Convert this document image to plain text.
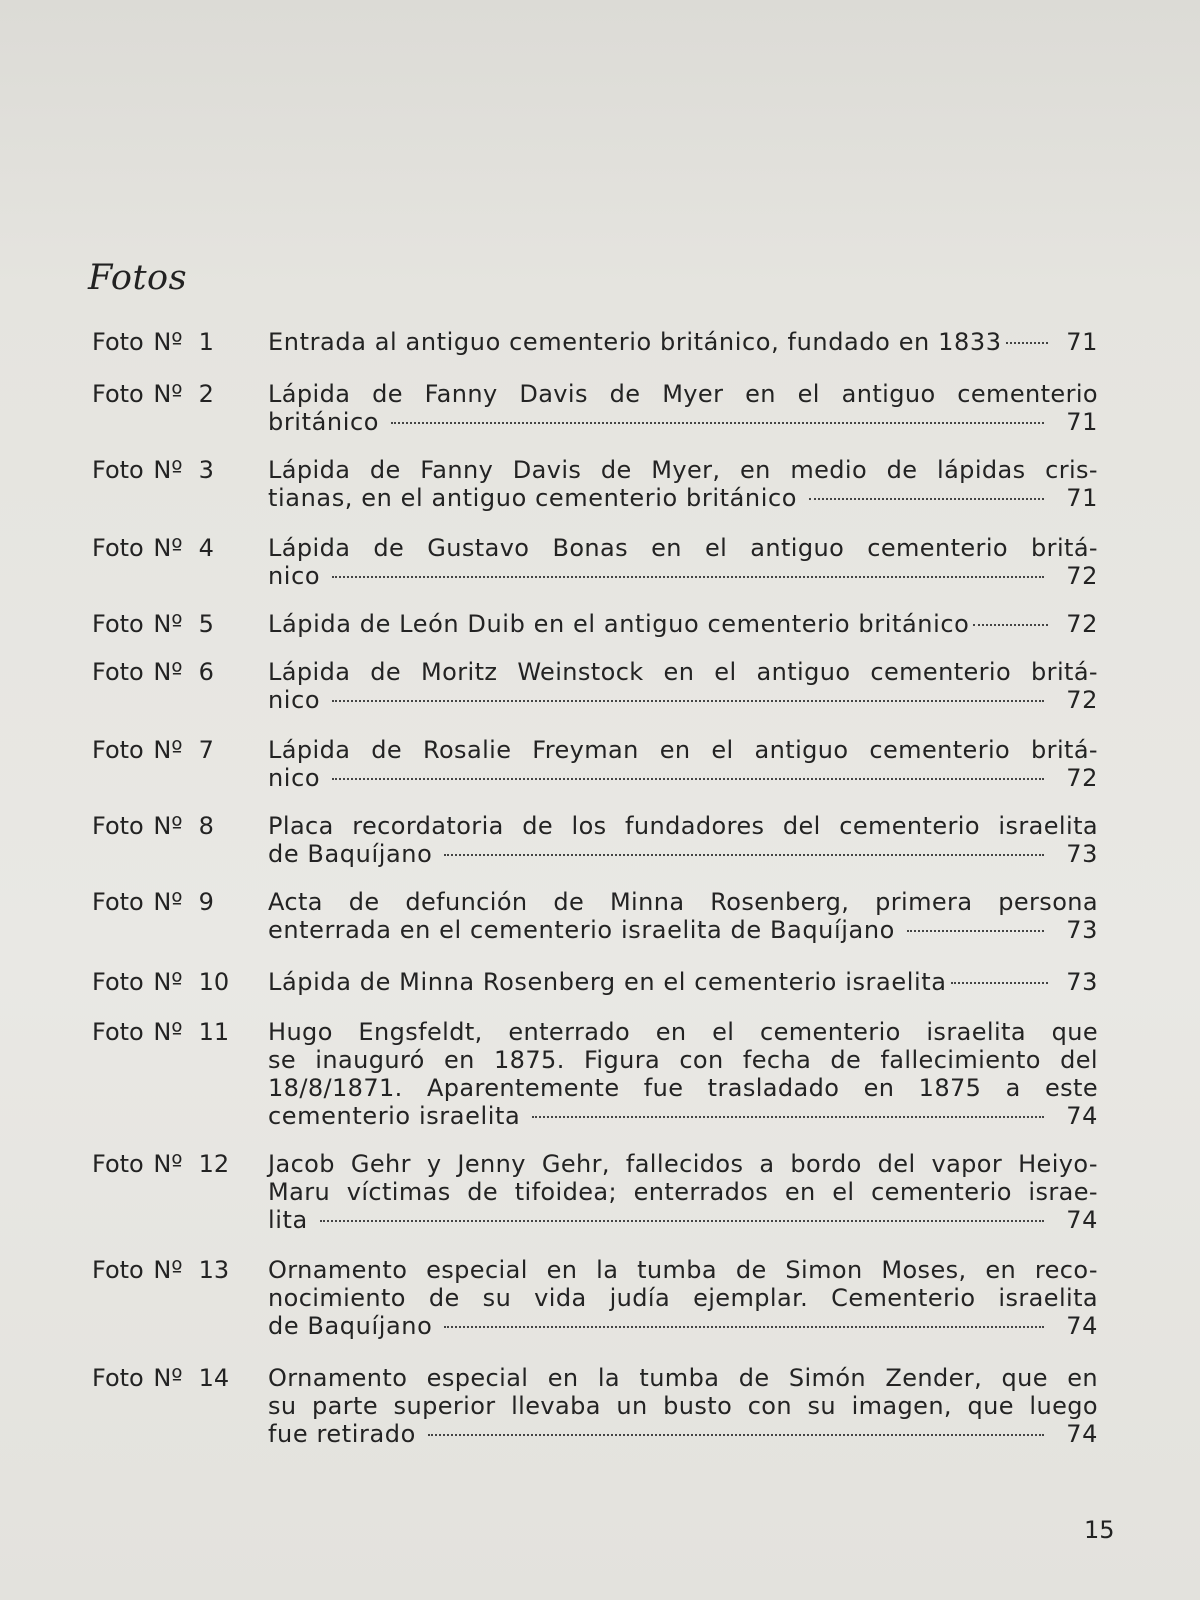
Fotos
Foto Nº 1 Entrada al antiguo cementerio británico, fundado en 1833	71
Foto Nº 2 Lápida de Fanny Davis de Myer en el antiguo cementerio
británico	71
Foto Nº 3 Lápida de Fanny Davis de Myer, en medio de lápidas cris-
tianas, en el antiguo cementerio británico	71
Foto Nº 4 Lápida de Gustavo Bonas en el antiguo cementerio britá-
nico	72
Foto Nº 5 Lápida de León Duib en el antiguo cementerio británico	72
Foto Nº 6 Lápida de Moritz Weinstock en el antiguo cementerio britá-
nico	72
Foto Nº 7 Lápida de Rosalie Freyman en el antiguo cementerio britá-
nico	72
Foto Nº 8 Placa recordatoria de los fundadores del cementerio israelita
de Baquíjano	73
Foto Nº 9 Acta de defunción de Minna Rosenberg, primera persona
enterrada en el cementerio israelita de Baquíjano	73
Foto Nº 10 Lápida de Minna Rosenberg en el cementerio israelita	73
Foto Nº 11 Hugo Engsfeldt, enterrado en el cementerio israelita que
se inauguró en 1875. Figura con fecha de fallecimiento del
18/8/1871. Aparentemente fue trasladado en 1875 a este
cementerio israelita	74
Foto Nº 12 Jacob Gehr y Jenny Gehr, fallecidos a bordo del vapor Heiyo-
Maru víctimas de tifoidea; enterrados en el cementerio israe-
lita	74
Foto Nº 13 Ornamento especial en la tumba de Simon Moses, en reco-
nocimiento de su vida judía ejemplar. Cementerio israelita
de Baquíjano	74
Foto Nº 14 Ornamento especial en la tumba de Simón Zender, que en
su parte superior llevaba un busto con su imagen, que luego
fue retirado	74
15
